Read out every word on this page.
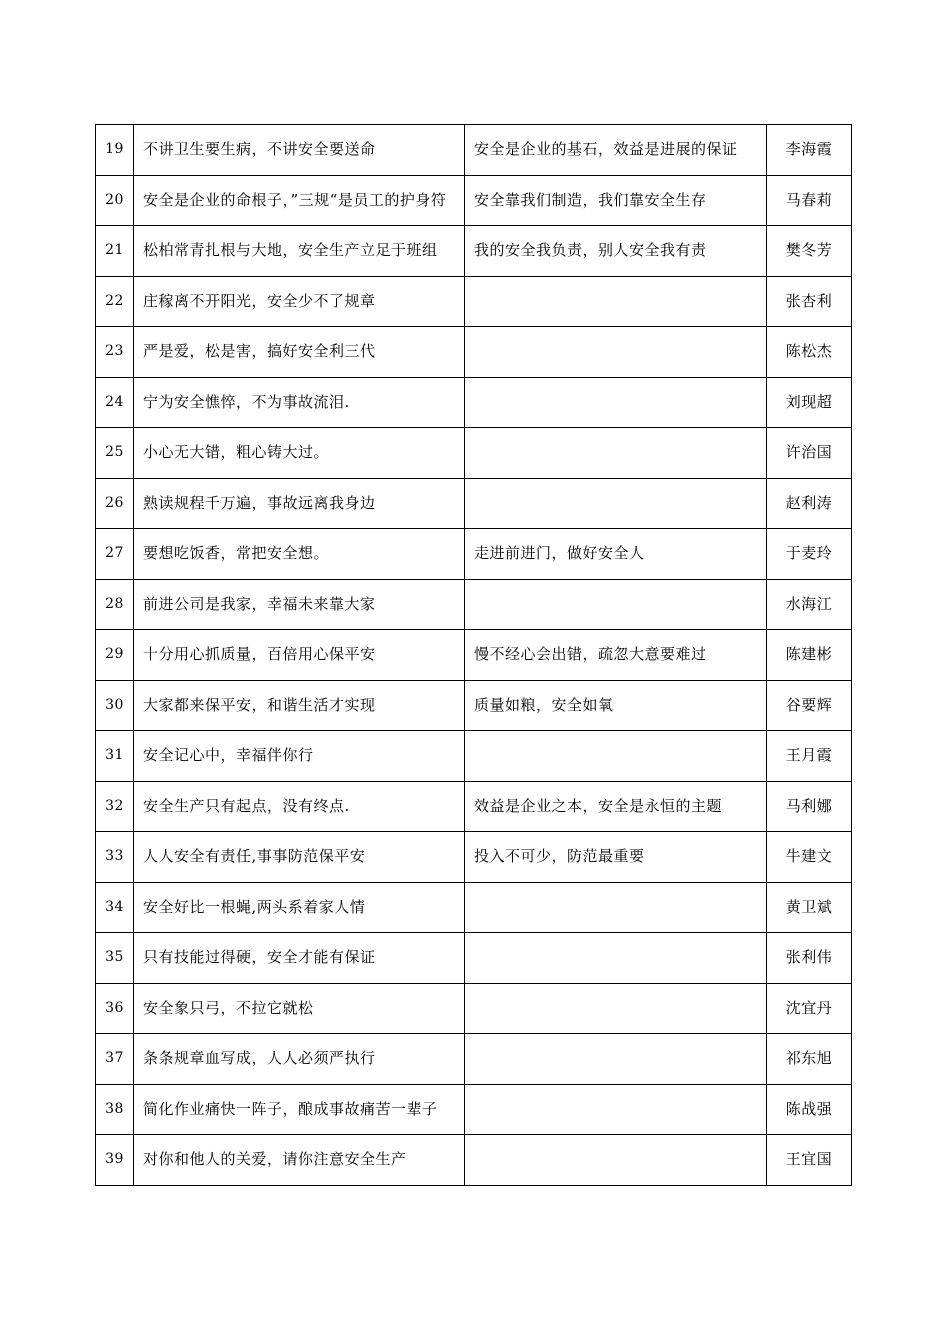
19	不讲卫生要生病，不讲安全要送命	安全是企业的基石，效益是进展的保证	李海霞
20	安全是企业的命根子，”三规“是员工的护身符	安全靠我们制造，我们靠安全生存	马春莉
21	松柏常青扎根与大地，安全生产立足于班组	我的安全我负责，别人安全我有责	樊冬芳
22	庄稼离不开阳光，安全少不了规章		张杏利
23	严是爱，松是害，搞好安全利三代		陈松杰
24	宁为安全憔悴，不为事故流泪.		刘现超
25	小心无大错，粗心铸大过。		许治国
26	熟读规程千万遍，事故远离我身边		赵利涛
27	要想吃饭香，常把安全想。	走进前进门，做好安全人	于麦玲
28	前进公司是我家，幸福未来靠大家		水海江
29	十分用心抓质量，百倍用心保平安	慢不经心会出错，疏忽大意要难过	陈建彬
30	大家都来保平安，和谐生活才实现	质量如粮，安全如氧	谷要辉
31	安全记心中，幸福伴你行		王月霞
32	安全生产只有起点，没有终点.	效益是企业之本，安全是永恒的主题	马利娜
33	人人安全有责任,事事防范保平安	投入不可少，防范最重要	牛建文
34	安全好比一根蝇,两头系着家人情		黄卫斌
35	只有技能过得硬，安全才能有保证		张利伟
36	安全象只弓，不拉它就松		沈宜丹
37	条条规章血写成，人人必须严执行		祁东旭
38	简化作业痛快一阵子，酿成事故痛苦一辈子		陈战强
39	对你和他人的关爱，请你注意安全生产		王宜国
